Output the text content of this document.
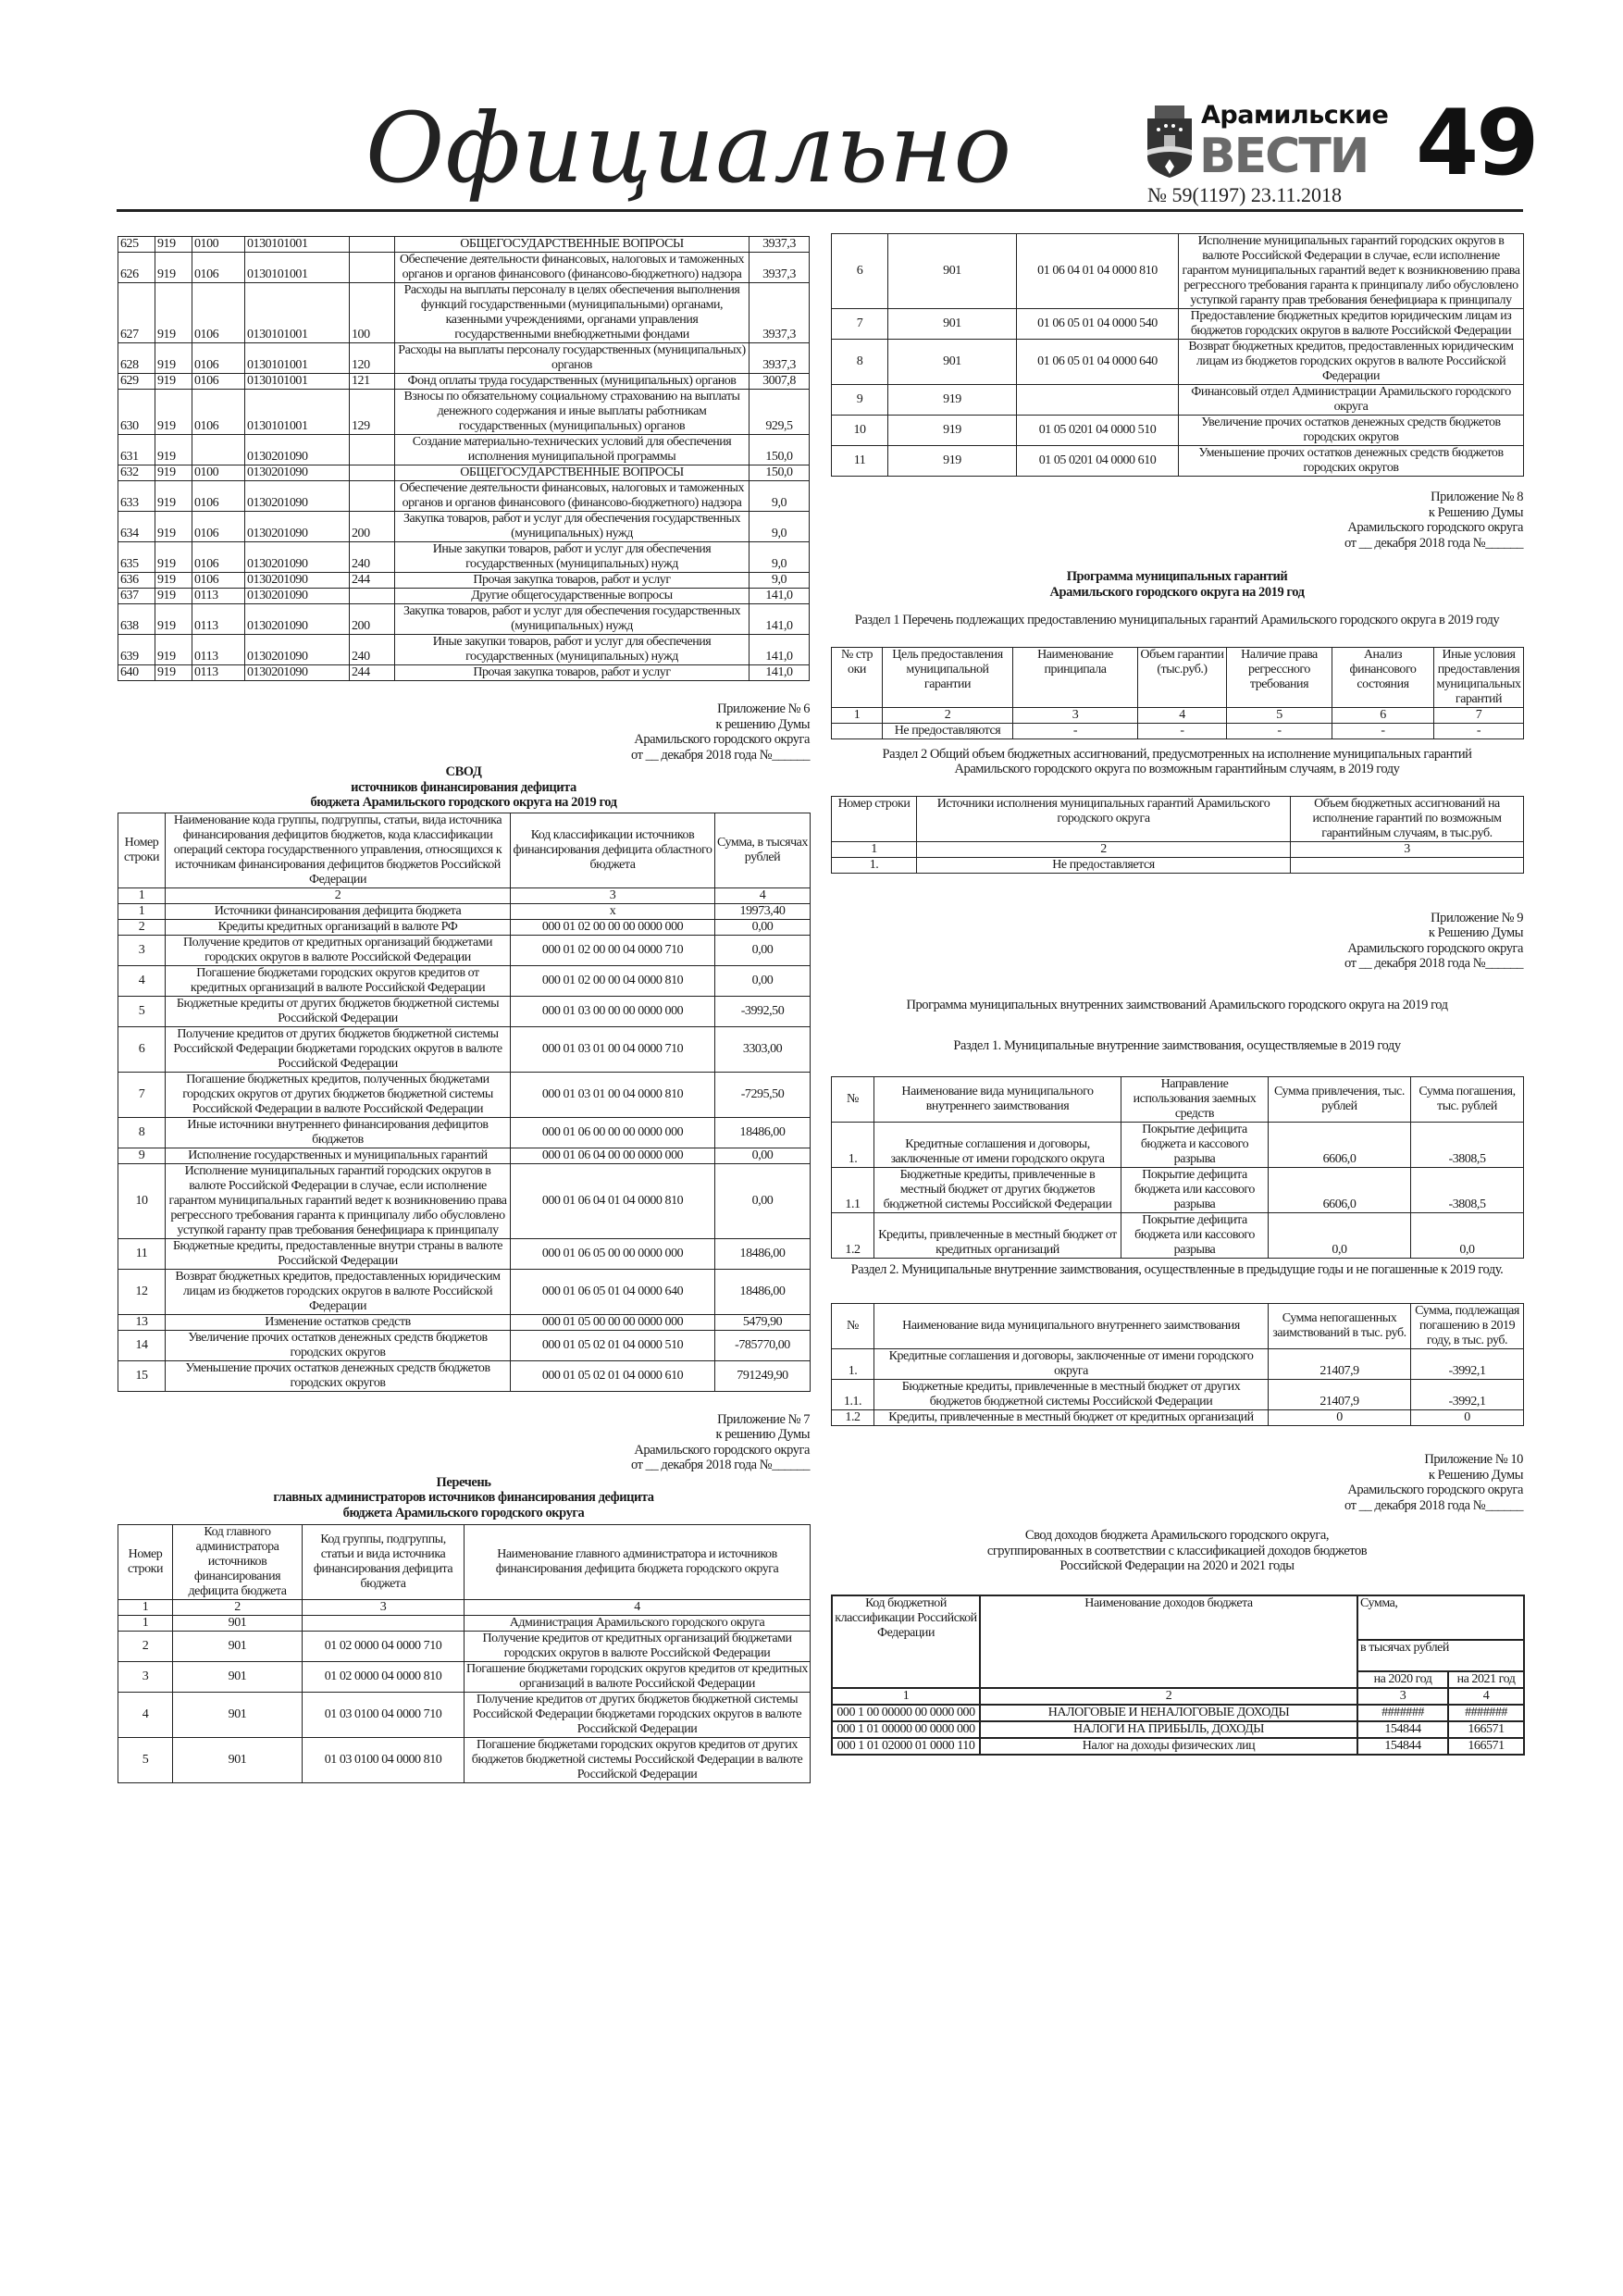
Официально	Арамильские
ВЕСТИ 49
№ 59(1197) 23.11.2018
625	919	0100	0130101001		ОБЩЕГОСУДАРСТВЕННЫЕ ВОПРОСЫ	3937,3
626	919	0106	0130101001		Обеспечение деятельности финансовых, налоговых и таможенных органов и органов финансового (финансово-бюджетного) надзора	3937,3
627	919	0106	0130101001	100	Расходы на выплаты персоналу в целях обеспечения выполнения функций государственными (муниципальными) органами, казенными учреждениями, органами управления государственными внебюджетными фондами	3937,3
628	919	0106	0130101001	120	Расходы на выплаты персоналу государственных (муниципальных) органов	3937,3
629	919	0106	0130101001	121	Фонд оплаты труда государственных (муниципальных) органов	3007,8
630	919	0106	0130101001	129	Взносы по обязательному социальному страхованию на выплаты денежного содержания и иные выплаты работникам государственных (муниципальных) органов	929,5
631	919		0130201090		Создание материально-технических условий для обеспечения исполнения муниципальной программы	150,0
632	919	0100	0130201090		ОБЩЕГОСУДАРСТВЕННЫЕ ВОПРОСЫ	150,0
633	919	0106	0130201090		Обеспечение деятельности финансовых, налоговых и таможенных органов и органов финансового (финансово-бюджетного) надзора	9,0
634	919	0106	0130201090	200	Закупка товаров, работ и услуг для обеспечения государственных (муниципальных) нужд	9,0
635	919	0106	0130201090	240	Иные закупки товаров, работ и услуг для обеспечения государственных (муниципальных) нужд	9,0
636	919	0106	0130201090	244	Прочая закупка товаров, работ и услуг	9,0
637	919	0113	0130201090		Другие общегосударственные вопросы	141,0
638	919	0113	0130201090	200	Закупка товаров, работ и услуг для обеспечения государственных (муниципальных) нужд	141,0
639	919	0113	0130201090	240	Иные закупки товаров, работ и услуг для обеспечения государственных (муниципальных) нужд	141,0
640	919	0113	0130201090	244	Прочая закупка товаров, работ и услуг	141,0
Приложение № 6
к решению Думы
Арамильского городского округа
от __ декабря 2018 года №______
СВОД
источников финансирования дефицита
бюджета Арамильского городского округа на 2019 год
Номер строки	Наименование кода группы, подгруппы, статьи, вида источника финансирования дефицитов бюджетов, кода классификации операций сектора государственного управления, относящихся к источникам финансирования дефицитов бюджетов Российской Федерации	Код классификации источников финансирования дефицита областного бюджета	Сумма, в тысячах рублей
1	2	3	4
1	Источники финансирования дефицита бюджета	х	19973,40
2	Кредиты кредитных организаций в валюте РФ	000 01 02 00 00 00 0000 000	0,00
3	Получение кредитов от кредитных организаций бюджетами городских округов в валюте Российской Федерации	000 01 02 00 00 04 0000 710	0,00
4	Погашение бюджетами городских округов кредитов от кредитных организаций в валюте Российской Федерации	000 01 02 00 00 04 0000 810	0,00
5	Бюджетные кредиты от других бюджетов бюджетной системы Российской Федерации	000 01 03 00 00 00 0000 000	-3992,50
6	Получение кредитов от других бюджетов бюджетной системы Российской Федерации бюджетами городских округов в валюте Российской Федерации	000 01 03 01 00 04 0000 710	3303,00
7	Погашение бюджетных кредитов, полученных бюджетами городских округов от других бюджетов бюджетной системы Российской Федерации в валюте Российской Федерации	000 01 03 01 00 04 0000 810	-7295,50
8	Иные источники внутреннего финансирования дефицитов бюджетов	000 01 06 00 00 00 0000 000	18486,00
9	Исполнение государственных и муниципальных гарантий	000 01 06 04 00 00 0000 000	0,00
10	Исполнение муниципальных гарантий городских округов в валюте Российской Федерации в случае, если исполнение гарантом муниципальных гарантий ведет к возникновению права регрессного требования гаранта к принципалу либо обусловлено уступкой гаранту прав требования бенефициара к принципалу	000 01 06 04 01 04 0000 810	0,00
11	Бюджетные кредиты, предоставленные внутри страны в валюте Российской Федерации	000 01 06 05 00 00 0000 000	18486,00
12	Возврат бюджетных кредитов, предоставленных юридическим лицам из бюджетов городских округов в валюте Российской Федерации	000 01 06 05 01 04 0000 640	18486,00
13	Изменение остатков средств	000 01 05 00 00 00 0000 000	5479,90
14	Увеличение прочих остатков денежных средств бюджетов городских округов	000 01 05 02 01 04 0000 510	-785770,00
15	Уменьшение прочих остатков денежных средств бюджетов городских округов	000 01 05 02 01 04 0000 610	791249,90
Приложение № 7
к решению Думы
Арамильского городского округа
от __ декабря 2018 года №______
Перечень
главных администраторов источников финансирования дефицита
бюджета Арамильского городского округа
Номер строки	Код главного администратора источников финансирования дефицита бюджета	Код группы, подгруппы, статьи и вида источника финансирования дефицита бюджета	Наименование главного администратора и источников финансирования дефицита бюджета городского округа
1	2	3	4
1	901		Администрация Арамильского городского округа
2	901	01 02 0000 04 0000 710	Получение кредитов от кредитных организаций бюджетами городских округов в валюте Российской Федерации
3	901	01 02 0000 04 0000 810	Погашение бюджетами городских округов кредитов от кредитных организаций в валюте Российской Федерации
4	901	01 03 0100 04 0000 710	Получение кредитов от других бюджетов бюджетной системы Российской Федерации бюджетами городских округов в валюте Российской Федерации
5	901	01 03 0100 04 0000 810	Погашение бюджетами городских округов кредитов от других бюджетов бюджетной системы Российской Федерации в валюте Российской Федерации
6	901	01 06 04 01 04 0000 810	Исполнение муниципальных гарантий городских округов в валюте Российской Федерации в случае, если исполнение гарантом муниципальных гарантий ведет к возникновению права регрессного требования гаранта к принципалу либо обусловлено уступкой гаранту прав требования бенефициара к принципалу
7	901	01 06 05 01 04 0000 540	Предоставление бюджетных кредитов юридическим лицам из бюджетов городских округов в валюте Российской Федерации
8	901	01 06 05 01 04 0000 640	Возврат бюджетных кредитов, предоставленных юридическим лицам из бюджетов городских округов в валюте Российской Федерации
9	919		Финансовый отдел Администрации Арамильского городского округа
10	919	01 05 0201 04 0000 510	Увеличение прочих остатков денежных средств бюджетов городских округов
11	919	01 05 0201 04 0000 610	Уменьшение прочих остатков денежных средств бюджетов городских округов
Приложение № 8
к Решению Думы
Арамильского городского округа
от __ декабря 2018 года №______
Программа муниципальных гарантий
Арамильского городского округа на 2019 год
Раздел 1 Перечень подлежащих предоставлению муниципальных гарантий Арамильского городского округа в 2019 году
№ стр оки	Цель предоставления муниципальной гарантии	Наименование принципала	Объем гарантии (тыс.руб.)	Наличие права регрессного требования	Анализ финансового состояния	Иные условия предоставления муниципальных гарантий
1	2	3	4	5	6	7
	Не предоставляются	-	-	-	-	-
Раздел 2 Общий объем бюджетных ассигнований, предусмотренных на исполнение муниципальных гарантий Арамильского городского округа по возможным гарантийным случаям, в 2019 году
Номер строки	Источники исполнения муниципальных гарантий Арамильского городского округа	Объем бюджетных ассигнований на исполнение гарантий по возможным гарантийным случаям, в тыс.руб.
1	2	3
1.	Не предоставляется	
Приложение № 9
к Решению Думы
Арамильского городского округа
от __ декабря 2018 года №______
Программа муниципальных внутренних заимствований Арамильского городского округа на 2019 год
Раздел 1. Муниципальные внутренние заимствования, осуществляемые в 2019 году
№	Наименование вида муниципального внутреннего заимствования	Направление использования заемных средств	Сумма привлечения, тыс. рублей	Сумма погашения, тыс. рублей
1.	Кредитные соглашения и договоры, заключенные от имени городского округа	Покрытие дефицита бюджета и кассового разрыва	6606,0	-3808,5
1.1	Бюджетные кредиты, привлеченные в местный бюджет от других бюджетов бюджетной системы Российской Федерации	Покрытие дефицита бюджета или кассового разрыва	6606,0	-3808,5
1.2	Кредиты, привлеченные в местный бюджет от кредитных организаций	Покрытие дефицита бюджета или кассового разрыва	0,0	0,0
Раздел 2. Муниципальные внутренние заимствования, осуществленные в предыдущие годы и не погашенные к 2019 году.
№	Наименование вида муниципального внутреннего заимствования	Сумма непогашенных заимствований в тыс. руб.	Сумма, подлежащая погашению в 2019 году, в тыс. руб.
1.	Кредитные соглашения и договоры, заключенные от имени городского округа	21407,9	-3992,1
1.1.	Бюджетные кредиты, привлеченные в местный бюджет от других бюджетов бюджетной системы Российской Федерации	21407,9	-3992,1
1.2	Кредиты, привлеченные в местный бюджет от кредитных организаций	0	0
Приложение № 10
к Решению Думы
Арамильского городского округа
от __ декабря 2018 года №______
Свод доходов бюджета Арамильского городского округа,
сгруппированных в соответствии с классификацией доходов бюджетов
Российской Федерации на 2020 и 2021 годы
Код бюджетной классификации Российской Федерации	Наименование доходов бюджета	Сумма,	
		в тысячах рублей	
		на 2020 год	на 2021 год
1	2	3	4
000 1 00 00000 00 0000 000	НАЛОГОВЫЕ И НЕНАЛОГОВЫЕ ДОХОДЫ	#######	#######
000 1 01 00000 00 0000 000	НАЛОГИ НА ПРИБЫЛЬ, ДОХОДЫ	154844	166571
000 1 01 02000 01 0000 110	Налог на доходы физических лиц	154844	166571
